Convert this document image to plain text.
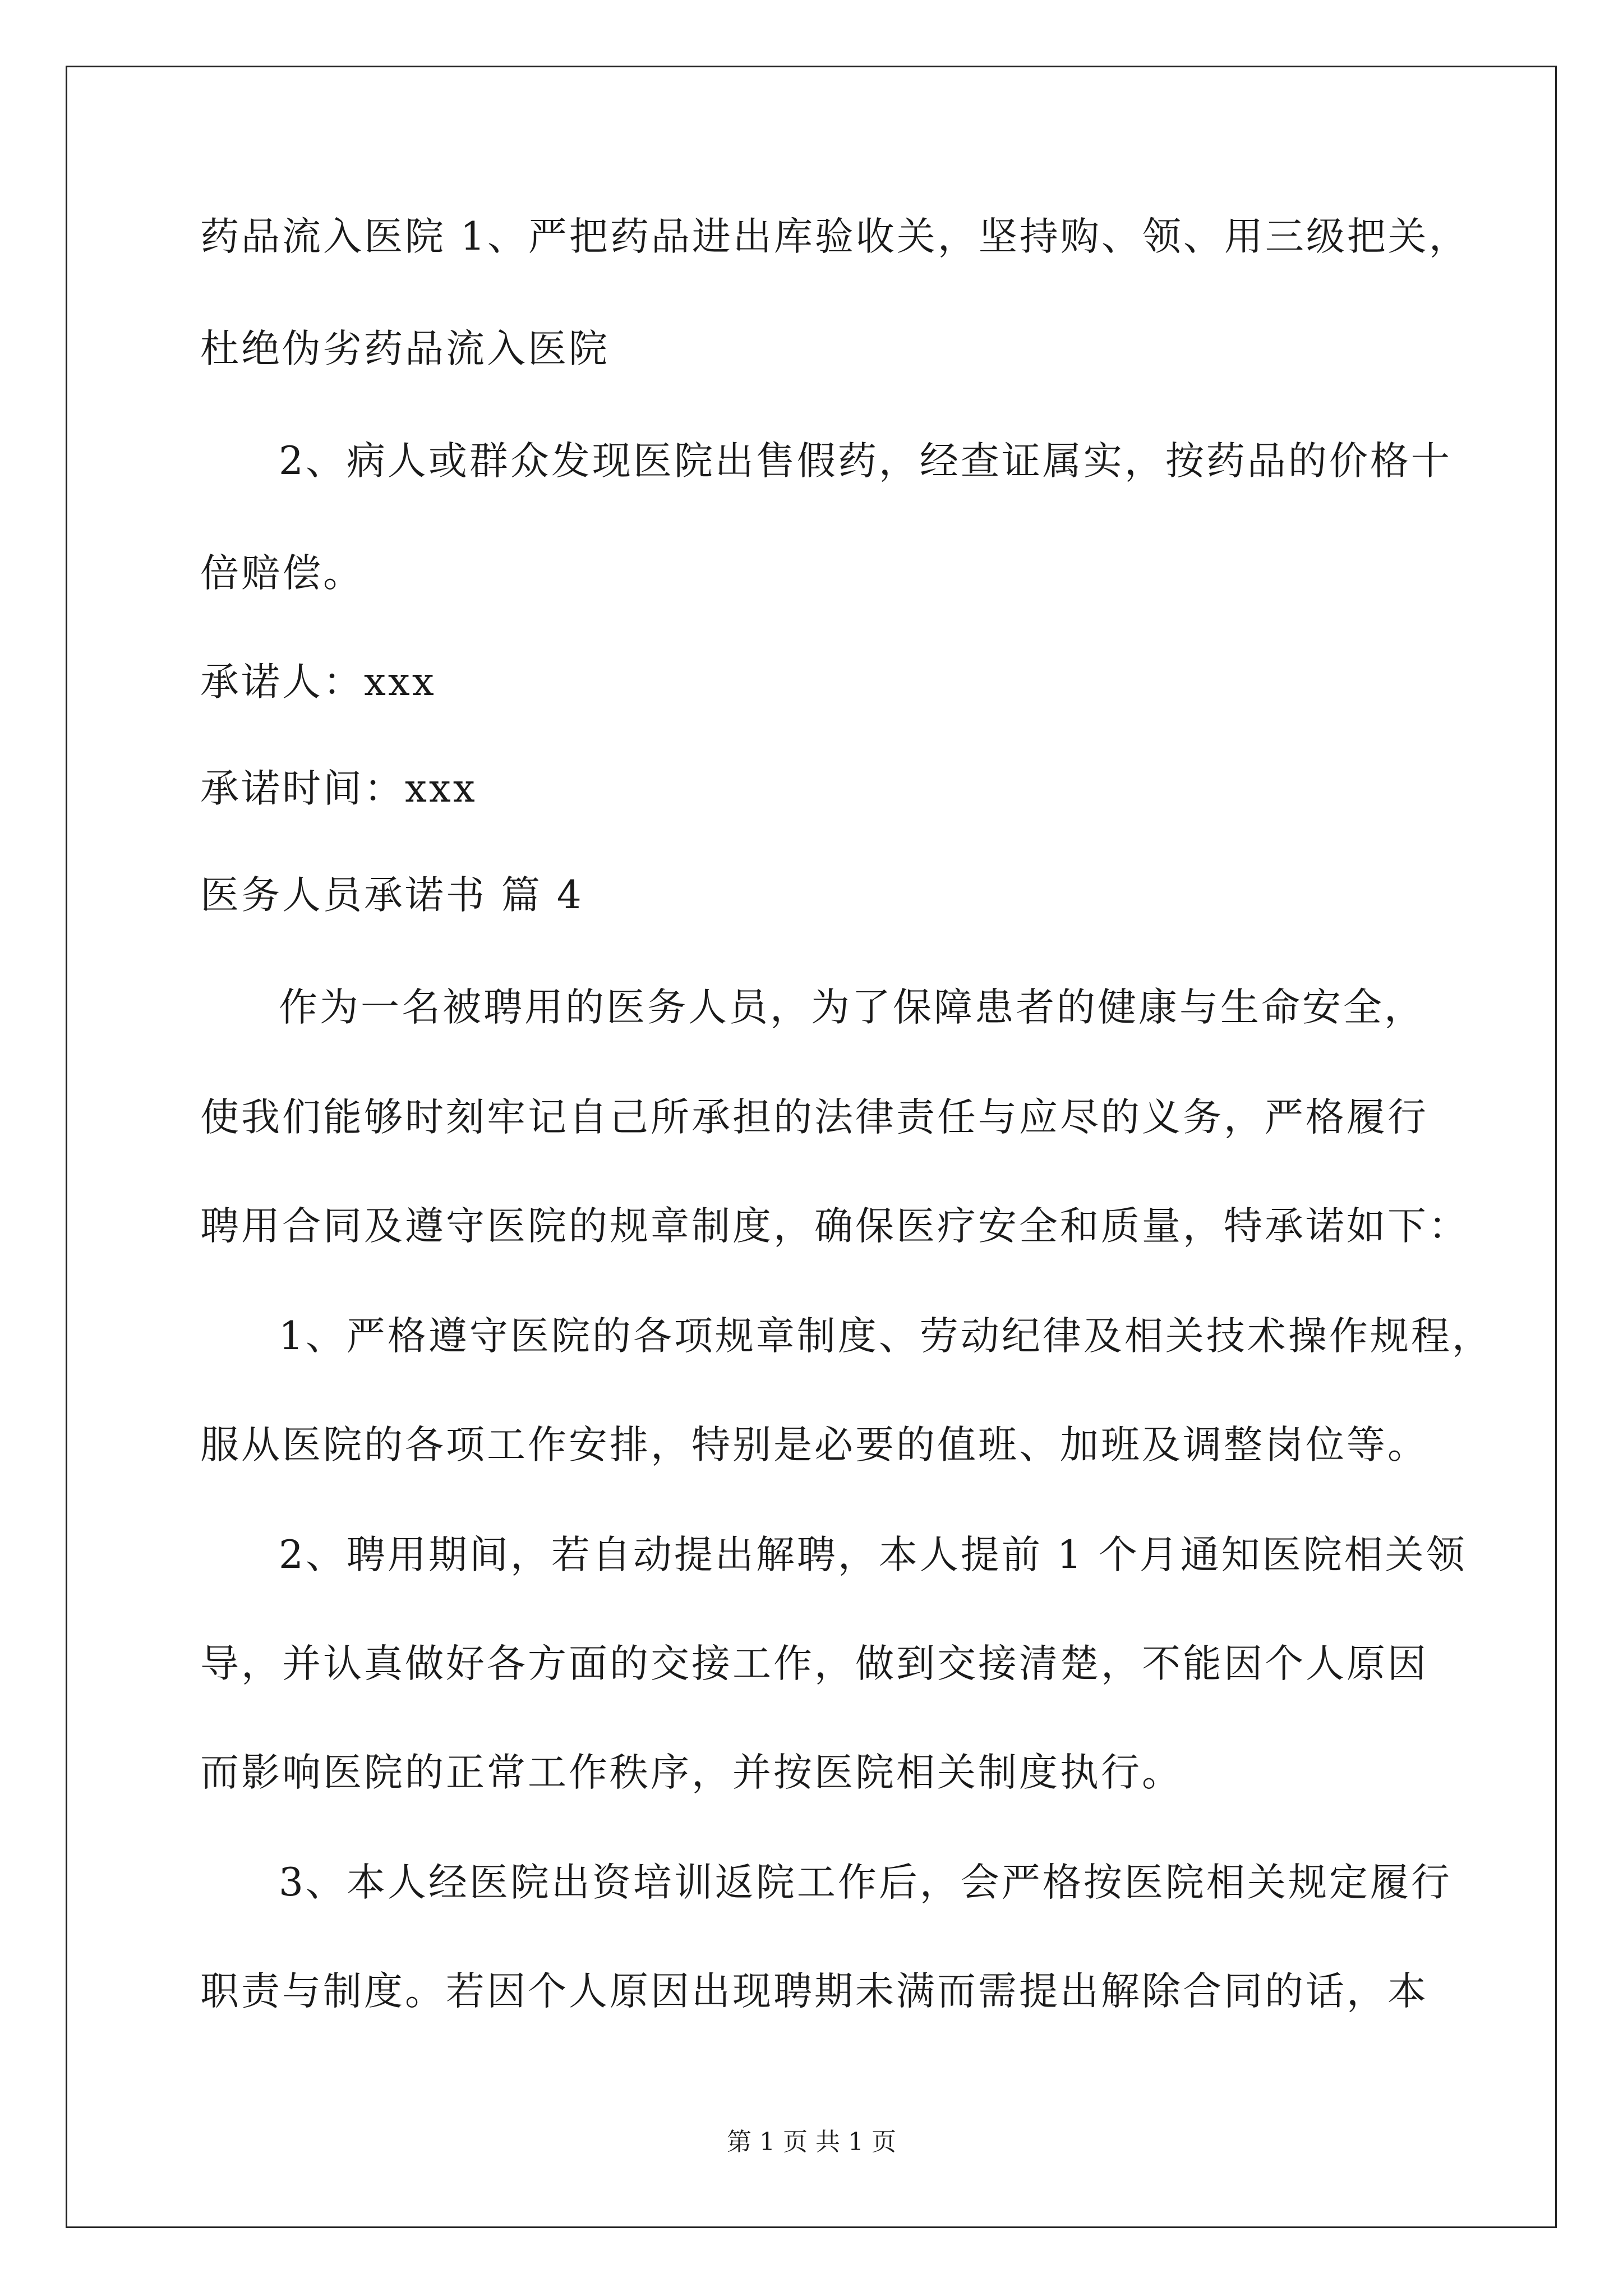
药品流入医院 1、严把药品进出库验收关，坚持购、领、用三级把关，
杜绝伪劣药品流入医院
2、病人或群众发现医院出售假药，经查证属实，按药品的价格十
倍赔偿。
承诺人：xxx
承诺时间：xxx
医务人员承诺书 篇 4
作为一名被聘用的医务人员，为了保障患者的健康与生命安全，
使我们能够时刻牢记自己所承担的法律责任与应尽的义务，严格履行
聘用合同及遵守医院的规章制度，确保医疗安全和质量，特承诺如下：
1、严格遵守医院的各项规章制度、劳动纪律及相关技术操作规程，
服从医院的各项工作安排，特别是必要的值班、加班及调整岗位等。
2、聘用期间，若自动提出解聘，本人提前 1 个月通知医院相关领
导，并认真做好各方面的交接工作，做到交接清楚，不能因个人原因
而影响医院的正常工作秩序，并按医院相关制度执行。
3、本人经医院出资培训返院工作后，会严格按医院相关规定履行
职责与制度。若因个人原因出现聘期未满而需提出解除合同的话，本
第 1 页 共 1 页
